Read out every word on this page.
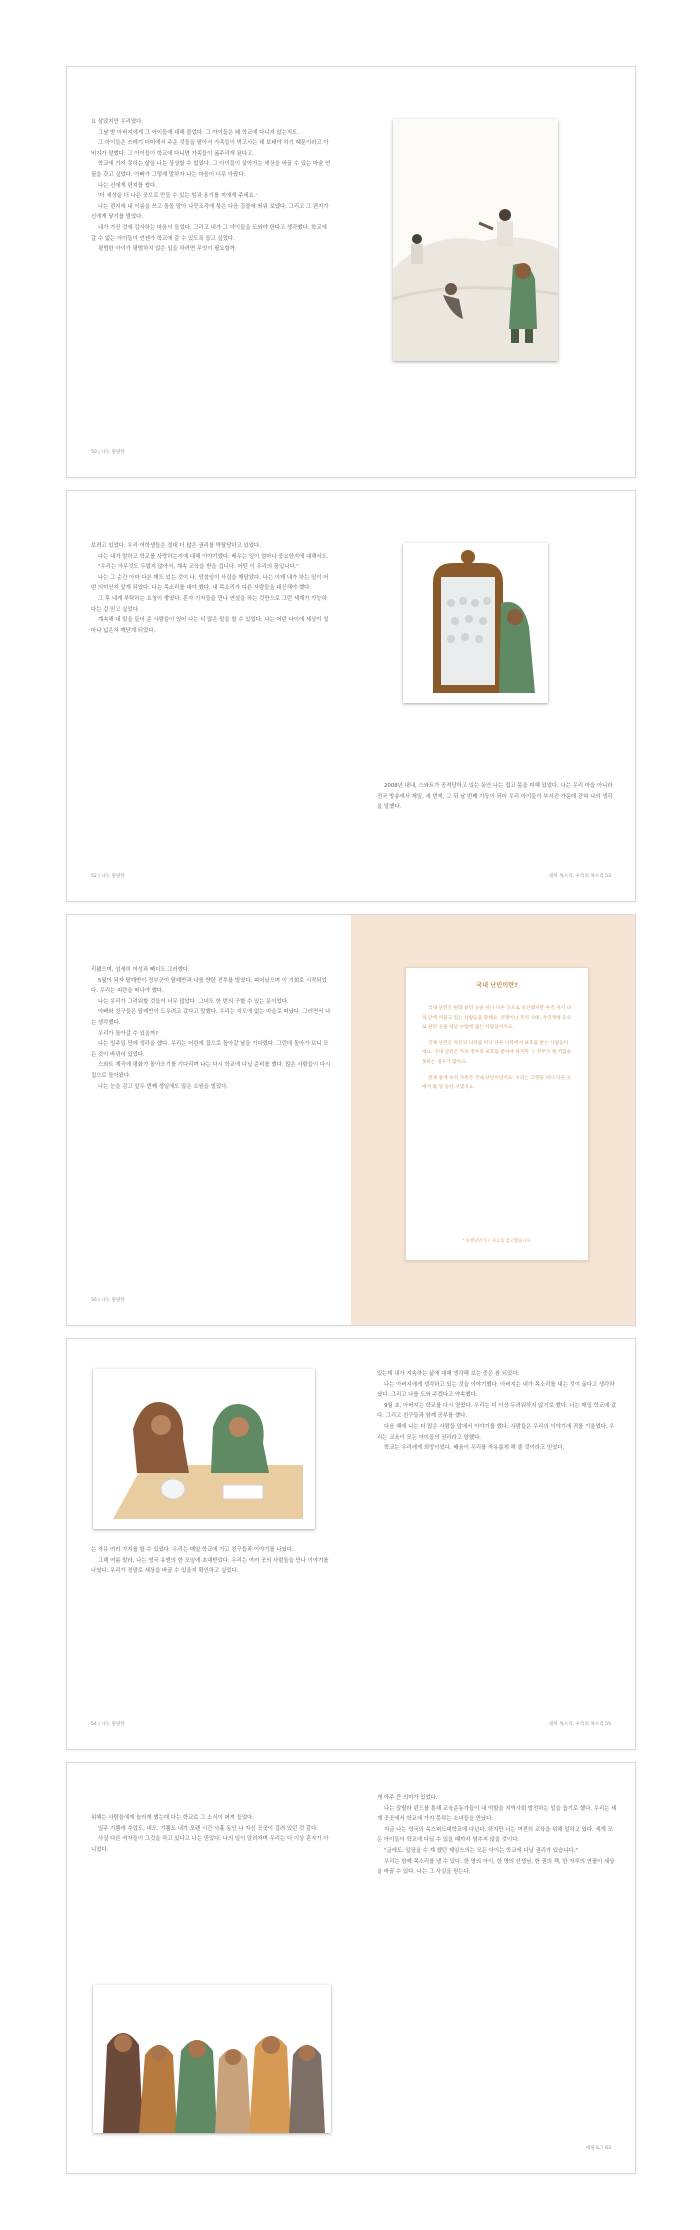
요 살았지만 우리였다.

그날 밤 아버지에게 그 아이들에 대해 물었다. 그 아이들은 왜 학교에 다니지 않는지도.

그 아이들은 쓰레기 더미에서 주운 것들을 팔아서 가족들이 먹고사는 데 보태야 하기 때문이라고 아버지가 말했다. 그 아이들이 학교에 다니면 가족들이 굶주리게 된다고.

학교에 가지 못하는 삶을 나는 상상할 수 없었다. 그 아이들이 살아가는 세상을 바꿀 수 있는 마술 연필을 갖고 싶었다. 아빠가 그렇게 말하자 나는 마음이 너무 아팠다.

나는 신에게 편지를 썼다.

'더 세상을 더 나은 곳으로 만들 수 있는 힘과 용기를 저에게 주세요.'

나는 편지에 내 이름을 쓰고 돌돌 말아 나뭇조각에 묶은 다음 강물에 띄워 보냈다. 그리고 그 편지가 신에게 닿기를 빌었다.

내가 가진 것에 감사하는 마음이 들었다. 그리고 내가 그 아이들을 도와야 한다고 생각했다. 학교에 갈 수 없는 아이들이 언젠가 학교에 갈 수 있도록 돕고 싶었다.

평범한 아이가 평범하지 않은 일을 하려면 무엇이 필요할까.

50 | 나는 말랄라

보려고 있었다. 우리 여학생들은 절대 더 많은 권리를 박탈당하고 있었다.

나는 내가 말하고 학교를 사랑하는지에 대해 이야기했다. 배우는 일이 얼마나 중요한지에 대해서도.

"우리는 아무것도 두렵지 않아서, 계속 교육을 받을 겁니다. 어떤 이 우리의 꿈입니다."

나는 그 순간 아마 다른 깨도 있는 것이 나, 망설임이 사실을 깨달았다. 나는 이제 내가 하는 일이 어떤 의미인지 알게 되었다. 나는 목소리를 내야 했다. 내 목소리가 다른 사람들을 대신해야 했다.

그 후 내게 부탁하는 요청이 쌓였다. 혼자 기자들을 만나 연설을 하는 것만으로 그런 세계가 가능하다는 걸 믿고 싶었다.

계속해 내 말을 들어 준 사람들이 있어 나는 더 많은 말을 할 수 있었다. 나는 어린 나이에 세상이 얼마나 넓은지 깨닫게 되었다.

52 | 나는 말랄라

2008년 내내, 스와트가 공격당하고 있는 동안 나는 접고 몸을 피해 있었다. 나는 우리 마을 아니라 전국 방송에서 제일, 세 번씩, 그 뒤 날 번째 기둥이 되어 우리 아이들이 부서진 가운데 갇혀 나의 생각을 말했다.

대한 목소리, 우리의 목소리 53

리됐으며, 섬세히 여성과 빼더도 그러했다.

5월이 되자 탈레반이 정부군이 탈레반과 나를 향한 전투를 벌였다. 피어났으며 이 기회로 시작되었다. 우리는 피란을 떠나야 했다.

나는 우리가 그리워할 것들이 너무 많았다. 그녀도 한 번의 구할 수 있는 문이었다.

아빠와 친구들은 탈레반이 도우려고 갔다고 말했다. 우리는 지도에 없는 마을로 떠났다. 그러면서 나는 생각했다.

우리가 돌아갈 수 있을까?

나는 일주일 만에 생각을 했다. 우리는 어린에 집으로 돌아갈 날을 기다렸다. 그런데 돌아가 보니 모든 것이 바뀌어 있었다.

스와트 계곡에 평화가 돌아오기를 기다리며 나는 다시 학교에 다닐 준비를 했다. 많은 사람들이 다시 집으로 돌아왔다.

나는 눈을 감고 앞두 번째 생일에도 많은 소원을 빌었다.

56 | 나는 말랄라
국내 난민이란?

국내 난민은 원래 살던 곳을 떠나 다른 곳으로 피신했지만 아직 자기 나라 안에 머물고 있는 사람들을 말해요. 전쟁이나 폭력 사태, 자연재해 등으로 살던 곳을 떠날 수밖에 없는 사람들이지요.

국제 난민은 자신의 나라를 떠나 다른 나라에서 보호를 받는 사람들이에요. 국내 난민은 자국 정부의 보호를 받아야 하지만 그 정부가 제 역할을 못하는 경우가 많아요.

전쟁 중에 우리 가족은 국내 난민이었어요. 우리는 고향을 떠나 다른 곳에서 몇 달 동안 지냈지요.

* 유엔난민기구 자료를 참고했습니다.

는 자유 여러 가지를 할 수 있었다. 우리는 매일 학교에 가고 친구들과 이야기를 나눴다.

그해 여름 말라, 나는 영국 유엔의 한 모임에 초대받았다. 우리는 여러 곳의 사람들을 만나 이야기를 나눴다. 우리가 정말로 세상을 바꿀 수 있을지 확인하고 싶었다.

54 | 나는 말랄라

있는데 내가 지속하는 삶에 대해 생각해 보는 중은 참 되었다.

나는 아버지에게 생각하고 있는 것을 이야기했다. 아버지는 내가 목소리를 내는 것이 옳다고 생각하셨다. 그리고 나를 도와 주겠다고 약속했다.

9월 초, 아버지는 학교를 다시 열었다. 우리는 더 이상 두려워하지 않기로 했다. 나는 매일 학교에 갔다. 그리고 친구들과 함께 공부를 했다.

다음 해에 나는 더 많은 사람들 앞에서 이야기를 했다. 사람들은 우리의 이야기에 귀를 기울였다. 우리는 교육이 모든 아이들의 권리라고 말했다.

학교는 우리에게 희망이었다. 배움이 우리를 자유롭게 해 줄 것이라고 믿었다.

대한 목소리, 우리의 목소리 55

위해는 사람들에게 놀라게 했는데 다는 학교로 그 소식이 퍼져 들었다.

일주 기쁨에 수업도, 내도, 기쁨도 내가 오랜 시간 사흘 동안 나 자신 곳곳이 걸려 있던 것 같다.

사실 다른 여자들이 그것을 하고 있다고 나는 믿었다. 나의 일이 알려지며 우리는 더 이상 혼자가 아니었다.

게 아주 큰 의미가 있었다.

나는 말랄라 펀드를 통해 교육운동가들이 내 역할을 지역사회 발전하는 일을 돕기로 했다. 우리는 세계 곳곳에서 학교에 가지 못하는 소녀들을 만났다.

지금 나는 영국의 옥스퍼드대학교에 다닌다. 하지만 나는 여전히 교육을 위해 일하고 있다. 세계 모든 아이들이 학교에 다닐 수 있을 때까지 멈추지 않을 것이다.

"글에도, 앞장을 수 계 했던 제임스의는 모든 아이는 학교에 다닐 권리가 있습니다."

우리는 함께 목소리를 낼 수 있다. 한 명의 아이, 한 명의 선생님, 한 권의 책, 한 자루의 연필이 세상을 바꿀 수 있다. 나는 그 사실을 믿는다.

에필로그 63
